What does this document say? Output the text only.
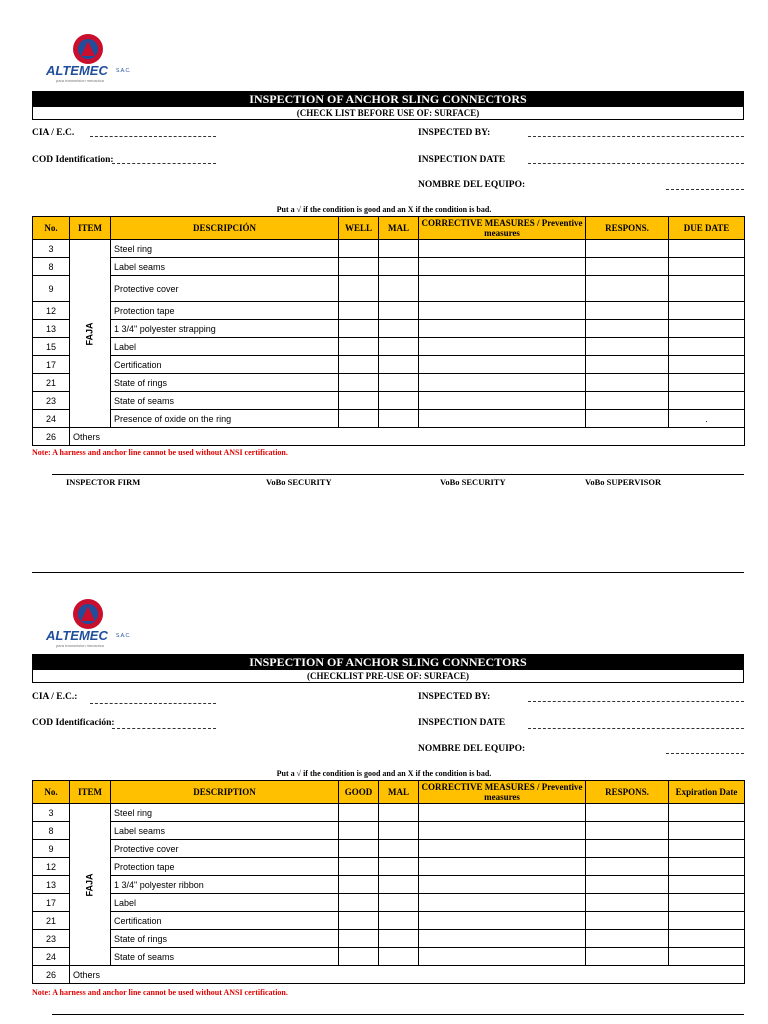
ALTEMEC S.A.C.
para transmision mecanica
INSPECTION OF ANCHOR SLING CONNECTORS
(CHECK LIST BEFORE USE OF: SURFACE)
CIA / E.C.
COD Identification:
INSPECTED BY:
INSPECTION DATE
NOMBRE DEL EQUIPO:
Put a √ if the condition is good and an X if the condition is bad.
No.	ITEM	DESCRIPCIÓN	WELL	MAL	CORRECTIVE MEASURES / Preventive measures	RESPONS.	DUE DATE
3	FAJA	Steel ring					
8		Label seams					
9		Protective cover					
12		Protection tape					
13		1 3/4" polyester strapping					
15		Label					
17		Certification					
21		State of rings					
23		State of seams					
24		Presence of oxide on the ring					.
26	Others						
Note: A harness and anchor line cannot be used without ANSI certification.
INSPECTOR FIRM	VoBo SECURITY	VoBo SECURITY	VoBo SUPERVISOR
ALTEMEC S.A.C.
para transmision mecanica
INSPECTION OF ANCHOR SLING CONNECTORS
(CHECKLIST PRE-USE OF: SURFACE)
CIA / E.C.:
COD Identificación:
INSPECTED BY:
INSPECTION DATE
NOMBRE DEL EQUIPO:
Put a √ if the condition is good and an X if the condition is bad.
No.	ITEM	DESCRIPTION	GOOD	MAL	CORRECTIVE MEASURES / Preventive measures	RESPONS.	Expiration Date
3	FAJA	Steel ring					
8		Label seams					
9		Protective cover					
12		Protection tape					
13		1 3/4" polyester ribbon					
17		Label					
21		Certification					
23		State of rings					
24		State of seams					
26	Others						
Note: A harness and anchor line cannot be used without ANSI certification.
